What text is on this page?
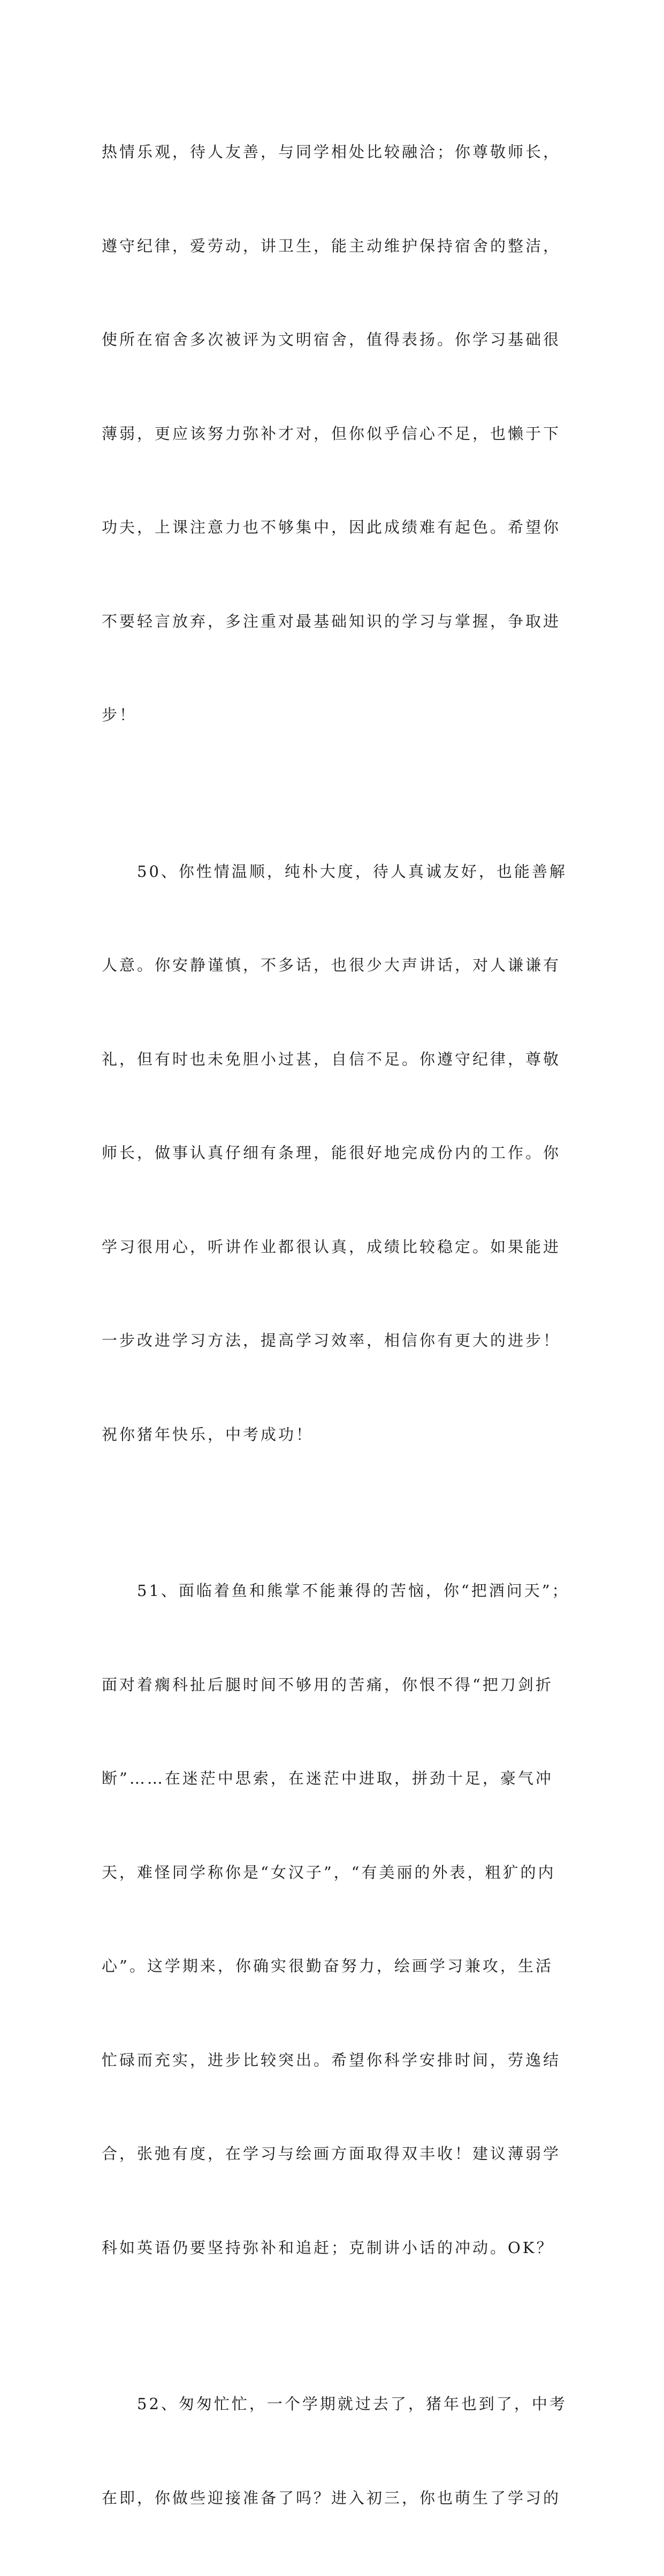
热情乐观，待人友善，与同学相处比较融洽；你尊敬师长，

遵守纪律，爱劳动，讲卫生，能主动维护保持宿舍的整洁，

使所在宿舍多次被评为文明宿舍，值得表扬。你学习基础很

薄弱，更应该努力弥补才对，但你似乎信心不足，也懒于下

功夫，上课注意力也不够集中，因此成绩难有起色。希望你

不要轻言放弃，多注重对最基础知识的学习与掌握，争取进

步！

　　50、你性情温顺，纯朴大度，待人真诚友好，也能善解

人意。你安静谨慎，不多话，也很少大声讲话，对人谦谦有

礼，但有时也未免胆小过甚，自信不足。你遵守纪律，尊敬

师长，做事认真仔细有条理，能很好地完成份内的工作。你

学习很用心，听讲作业都很认真，成绩比较稳定。如果能进

一步改进学习方法，提高学习效率，相信你有更大的进步！

祝你猪年快乐，中考成功！

　　51、面临着鱼和熊掌不能兼得的苦恼，你“把酒问天”；

面对着瘸科扯后腿时间不够用的苦痛，你恨不得“把刀剑折

断”……在迷茫中思索，在迷茫中进取，拼劲十足，豪气冲

天，难怪同学称你是“女汉子”，“有美丽的外表，粗犷的内

心”。这学期来，你确实很勤奋努力，绘画学习兼攻，生活

忙碌而充实，进步比较突出。希望你科学安排时间，劳逸结

合，张弛有度，在学习与绘画方面取得双丰收！建议薄弱学

科如英语仍要坚持弥补和追赶；克制讲小话的冲动。OK？

　　52、匆匆忙忙，一个学期就过去了，猪年也到了，中考

在即，你做些迎接准备了吗？进入初三，你也萌生了学习的
